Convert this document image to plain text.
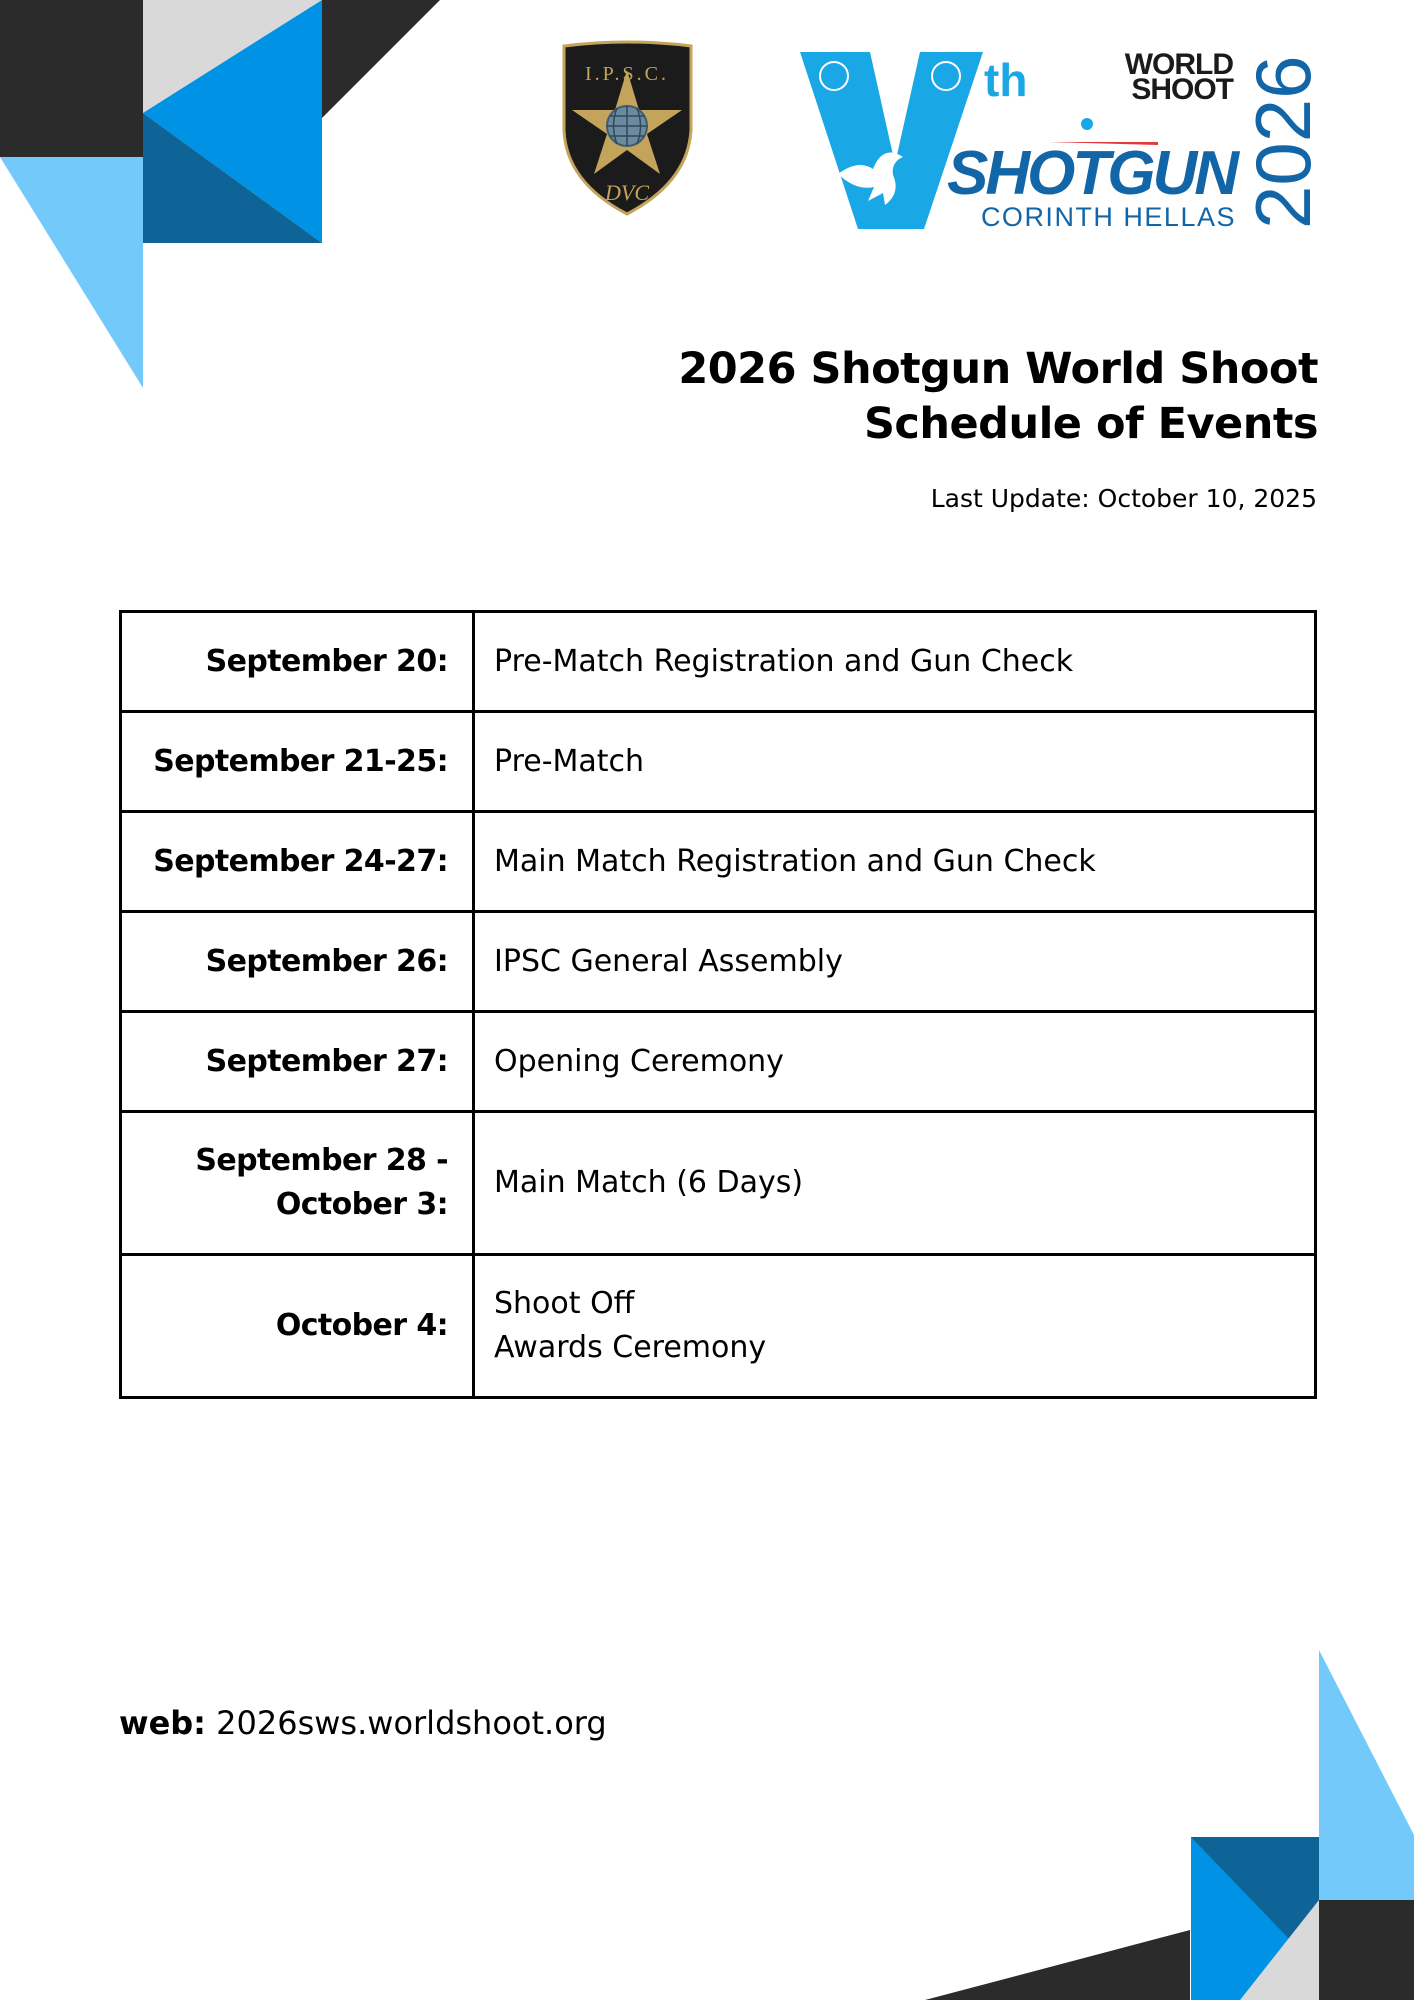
I.P.S.C.
DVC
V
th	WORLD
SHOOT
SHOTGUN
CORINTH HELLAS 2026
2026 Shotgun World Shoot
Schedule of Events
Last Update: October 10, 2025
September 20:	Pre-Match Registration and Gun Check

September 21-25:	Pre-Match

September 24-27:	Main Match Registration and Gun Check

September 26:	IPSC General Assembly

September 27:	Opening Ceremony

September 28 -
October 3:	Main Match (6 Days)

October 4:	Shoot Off
Awards Ceremony
web: 2026sws.worldshoot.org
